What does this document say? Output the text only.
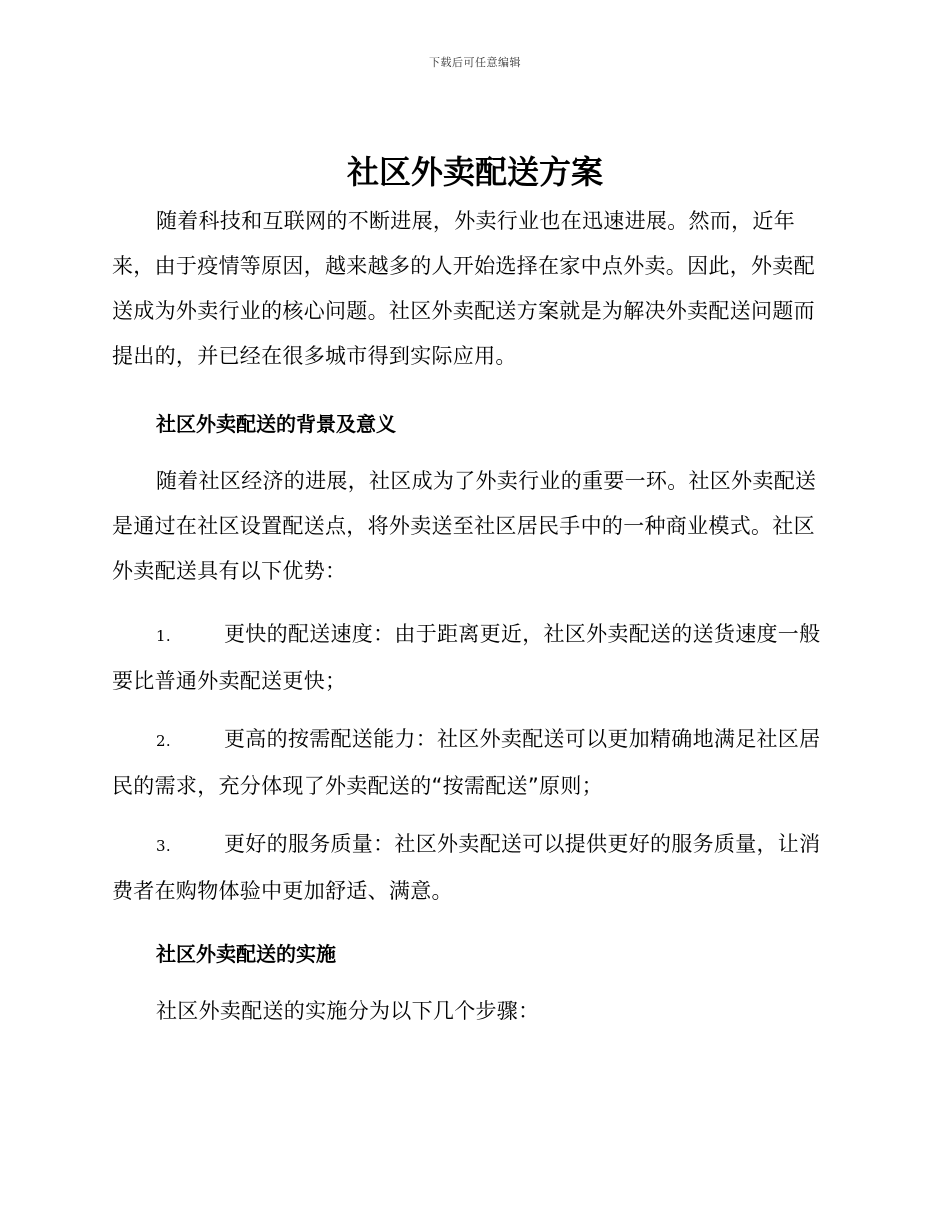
下载后可任意编辑
社区外卖配送方案

随着科技和互联网的不断进展，外卖行业也在迅速进展。然而，近年来，由于疫情等原因，越来越多的人开始选择在家中点外卖。因此，外卖配送成为外卖行业的核心问题。社区外卖配送方案就是为解决外卖配送问题而提出的，并已经在很多城市得到实际应用。

社区外卖配送的背景及意义

随着社区经济的进展，社区成为了外卖行业的重要一环。社区外卖配送是通过在社区设置配送点，将外卖送至社区居民手中的一种商业模式。社区外卖配送具有以下优势：

1.	更快的配送速度：由于距离更近，社区外卖配送的送货速度一般要比普通外卖配送更快；
2.	更高的按需配送能力：社区外卖配送可以更加精确地满足社区居民的需求，充分体现了外卖配送的“按需配送”原则；
3.	更好的服务质量：社区外卖配送可以提供更好的服务质量，让消费者在购物体验中更加舒适、满意。
社区外卖配送的实施

社区外卖配送的实施分为以下几个步骤：
